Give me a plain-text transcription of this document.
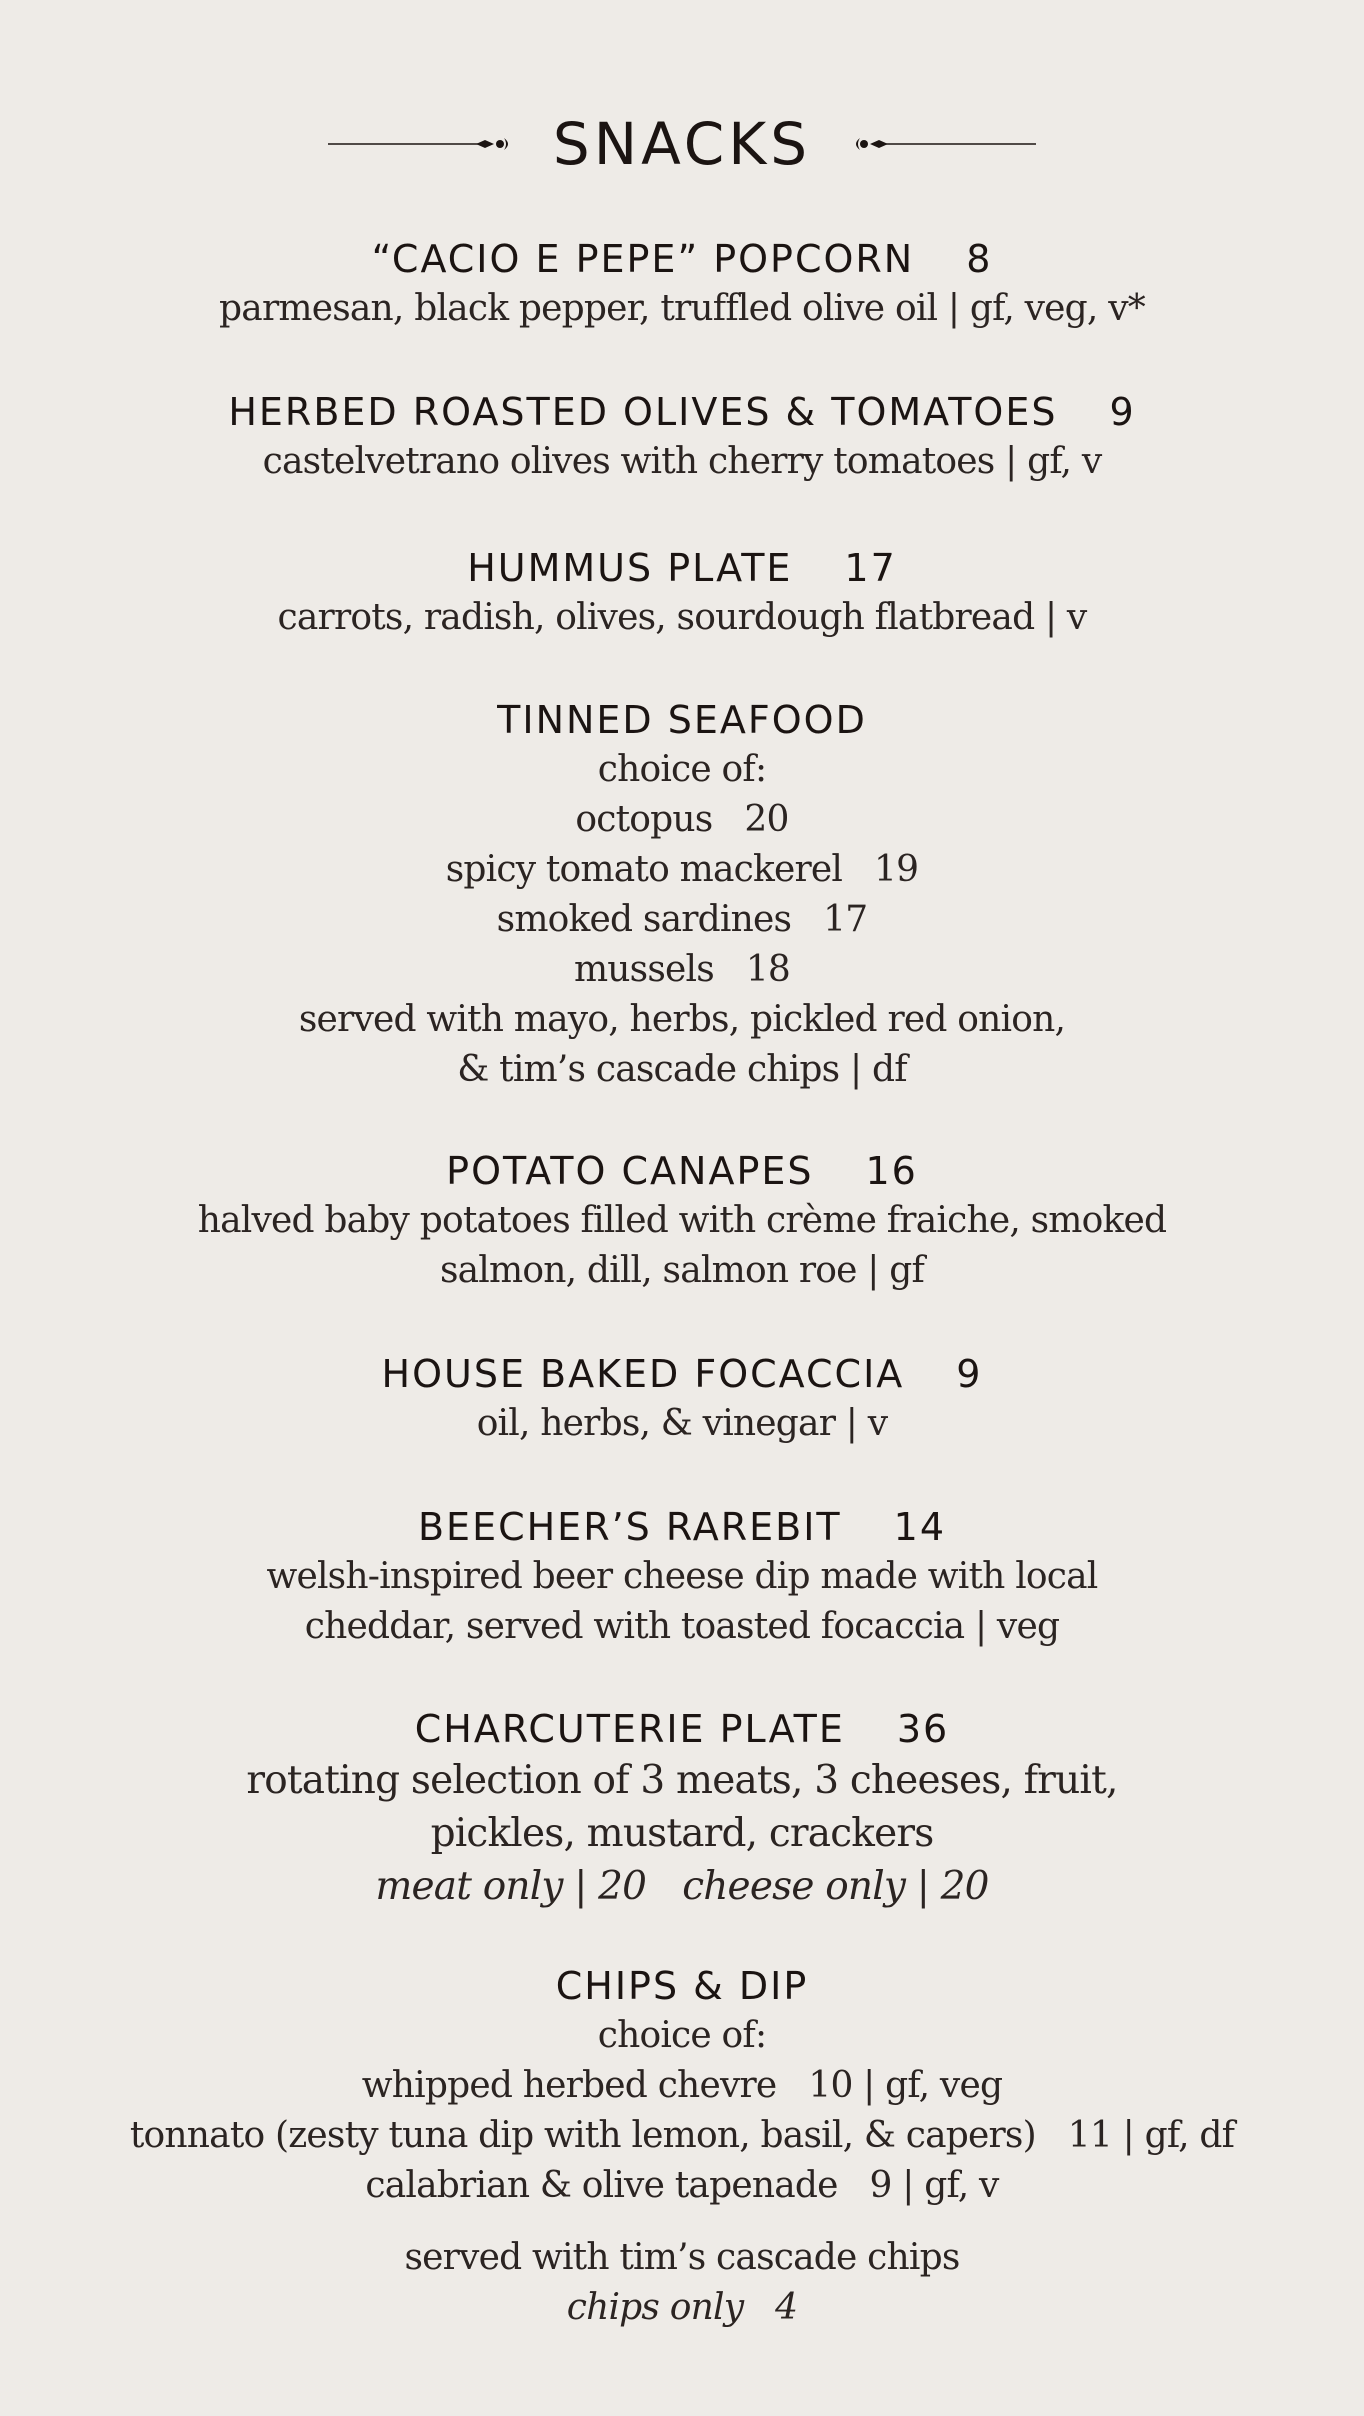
SNACKS
“CACIO E PEPE” POPCORN 8
parmesan, black pepper, truffled olive oil | gf, veg, v*
HERBED ROASTED OLIVES & TOMATOES 9
castelvetrano olives with cherry tomatoes | gf, v
HUMMUS PLATE 17
carrots, radish, olives, sourdough flatbread | v
TINNED SEAFOOD
choice of:
octopus   20
spicy tomato mackerel   19
smoked sardines   17
mussels   18
served with mayo, herbs, pickled red onion,
& tim’s cascade chips | df
POTATO CANAPES 16
halved baby potatoes filled with crème fraiche, smoked
salmon, dill, salmon roe | gf
HOUSE BAKED FOCACCIA 9
oil, herbs, & vinegar | v
BEECHER’S RAREBIT 14
welsh-inspired beer cheese dip made with local
cheddar, served with toasted focaccia | veg
CHARCUTERIE PLATE 36
rotating selection of 3 meats, 3 cheeses, fruit,
pickles, mustard, crackers
meat only | 20 cheese only | 20
CHIPS & DIP
choice of:
whipped herbed chevre   10 | gf, veg
tonnato (zesty tuna dip with lemon, basil, & capers)   11 | gf, df
calabrian & olive tapenade   9 | gf, v
served with tim’s cascade chips
chips only   4
